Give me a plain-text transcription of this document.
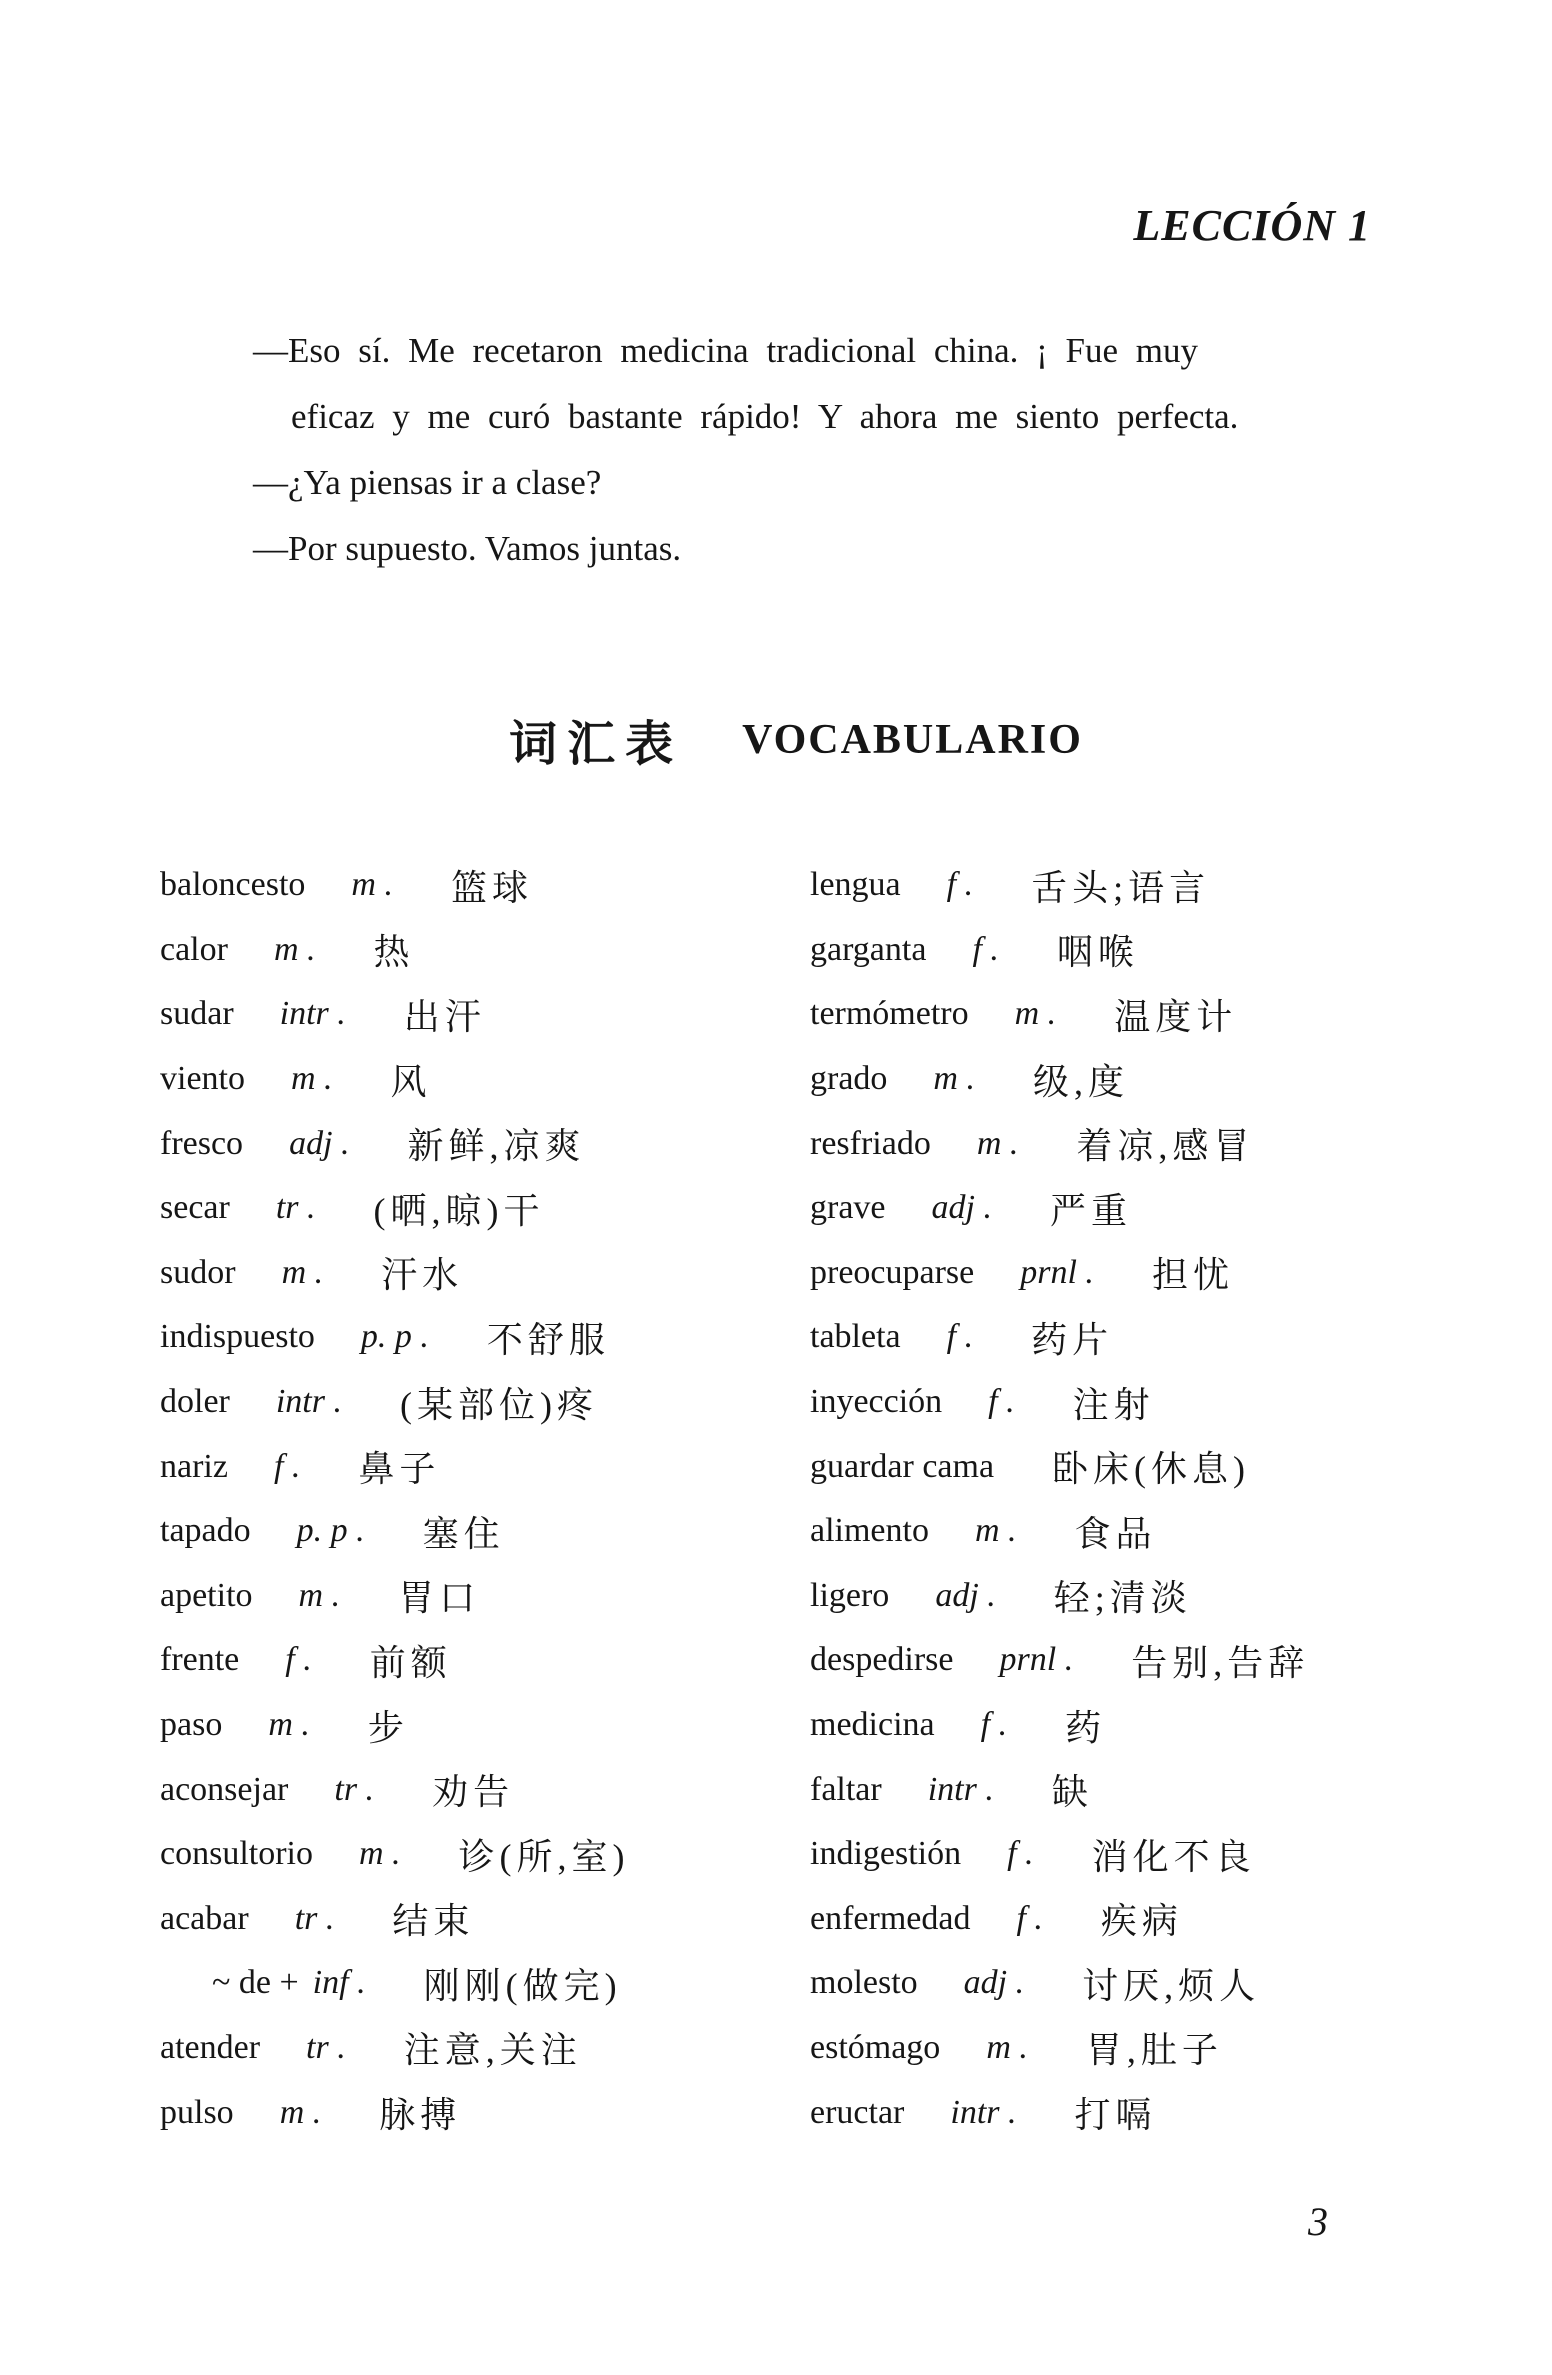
LECCIÓN 1
—Eso sí. Me recetaron medicina tradicional china. ¡ Fue muy
eficaz y me curó bastante rápido! Y ahora me siento perfecta.
—¿Ya piensas ir a clase?
—Por supuesto. Vamos juntas.
词汇表 VOCABULARIO
baloncesto m . 篮球
calor m . 热
sudar intr . 出汗
viento m . 风
fresco adj . 新鲜,凉爽
secar tr . (晒,晾)干
sudor m . 汗水
indispuesto p. p . 不舒服
doler intr . (某部位)疼
nariz f . 鼻子
tapado p. p . 塞住
apetito m . 胃口
frente f . 前额
paso m . 步
aconsejar tr . 劝告
consultorio m . 诊(所,室)
acabar tr . 结束
~ de + inf . 刚刚(做完)
atender tr . 注意,关注
pulso m . 脉搏
lengua f . 舌头;语言
garganta f . 咽喉
termómetro m . 温度计
grado m . 级,度
resfriado m . 着凉,感冒
grave adj . 严重
preocuparse prnl . 担忧
tableta f . 药片
inyección f . 注射
guardar cama 卧床(休息)
alimento m . 食品
ligero adj . 轻;清淡
despedirse prnl . 告别,告辞
medicina f . 药
faltar intr . 缺
indigestión f . 消化不良
enfermedad f . 疾病
molesto adj . 讨厌,烦人
estómago m . 胃,肚子
eructar intr . 打嗝
3
